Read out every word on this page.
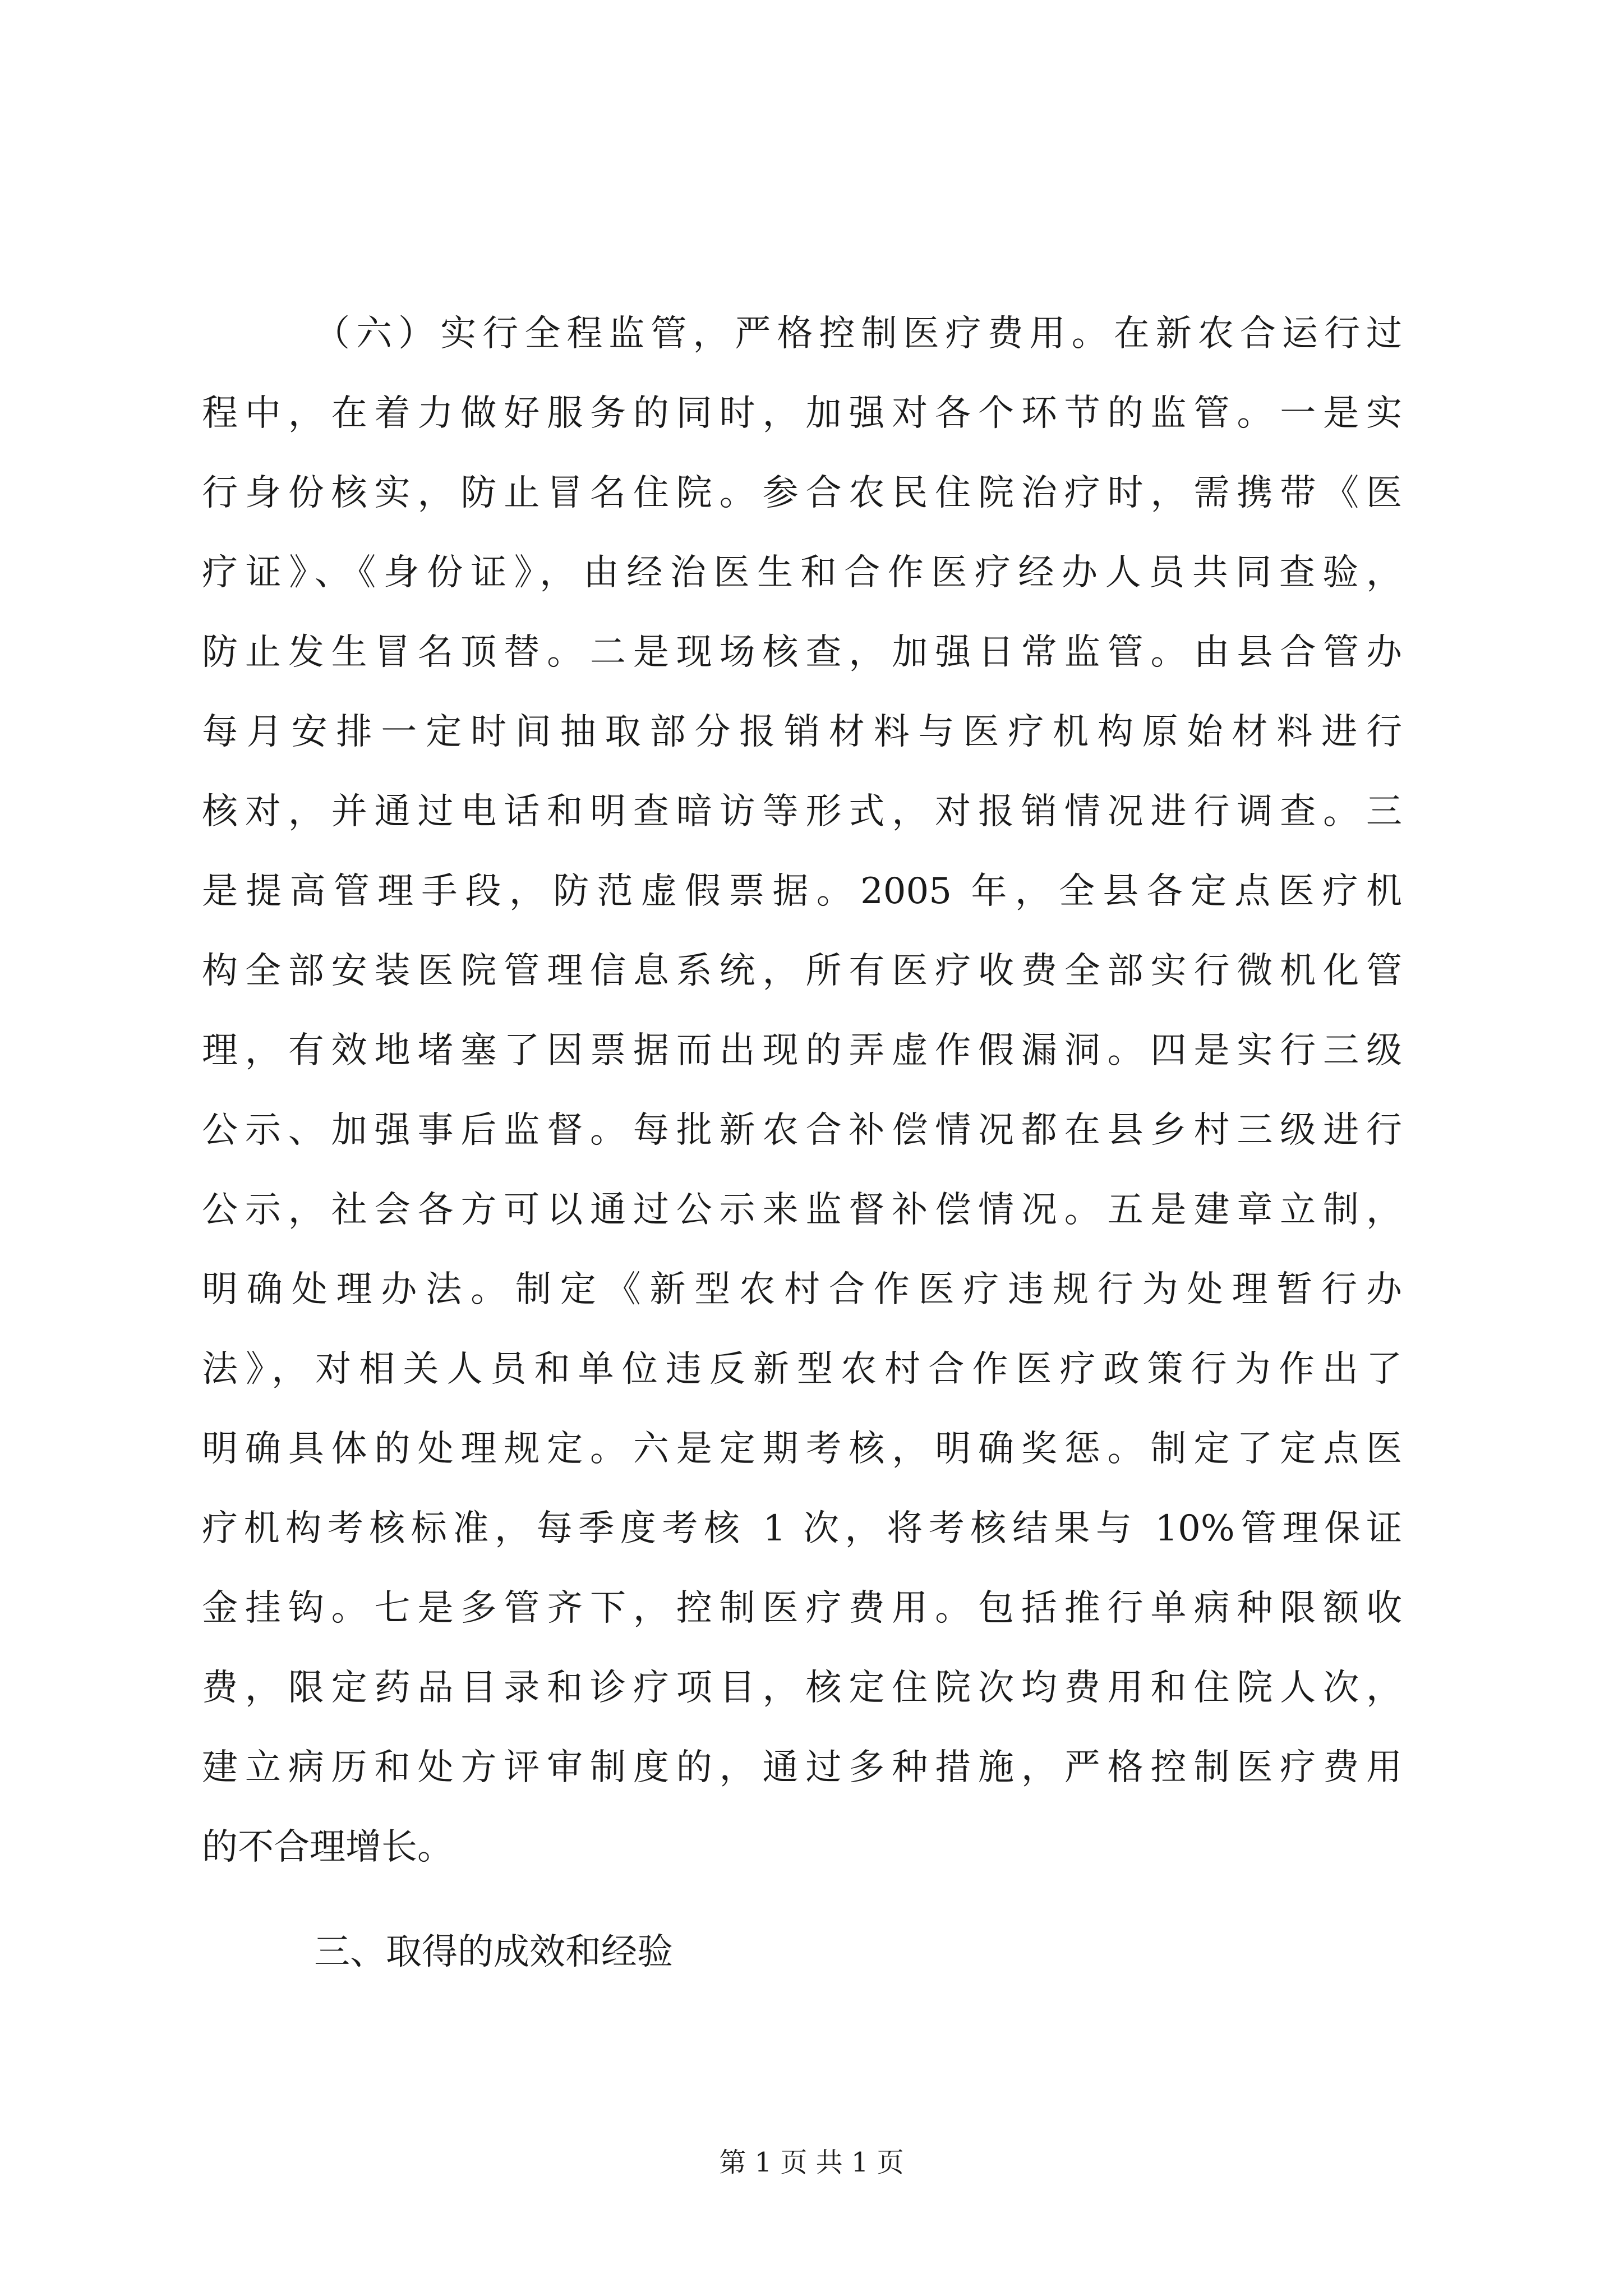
（六）实行全程监管，严格控制医疗费用。在新农合运行过
程中，在着力做好服务的同时，加强对各个环节的监管。一是实
行身份核实，防止冒名住院。参合农民住院治疗时，需携带《医
疗证》、《身份证》，由经治医生和合作医疗经办人员共同查验，
防止发生冒名顶替。二是现场核查，加强日常监管。由县合管办
每月安排一定时间抽取部分报销材料与医疗机构原始材料进行
核对，并通过电话和明查暗访等形式，对报销情况进行调查。三
是提高管理手段，防范虚假票据。2005 年，全县各定点医疗机
构全部安装医院管理信息系统，所有医疗收费全部实行微机化管
理，有效地堵塞了因票据而出现的弄虚作假漏洞。四是实行三级
公示、加强事后监督。每批新农合补偿情况都在县乡村三级进行
公示，社会各方可以通过公示来监督补偿情况。五是建章立制，
明确处理办法。制定《新型农村合作医疗违规行为处理暂行办
法》，对相关人员和单位违反新型农村合作医疗政策行为作出了
明确具体的处理规定。六是定期考核，明确奖惩。制定了定点医
疗机构考核标准，每季度考核 1 次，将考核结果与 10%管理保证
金挂钩。七是多管齐下，控制医疗费用。包括推行单病种限额收
费，限定药品目录和诊疗项目，核定住院次均费用和住院人次，
建立病历和处方评审制度的，通过多种措施，严格控制医疗费用
的不合理增长。
三、取得的成效和经验
第 1 页 共 1 页
